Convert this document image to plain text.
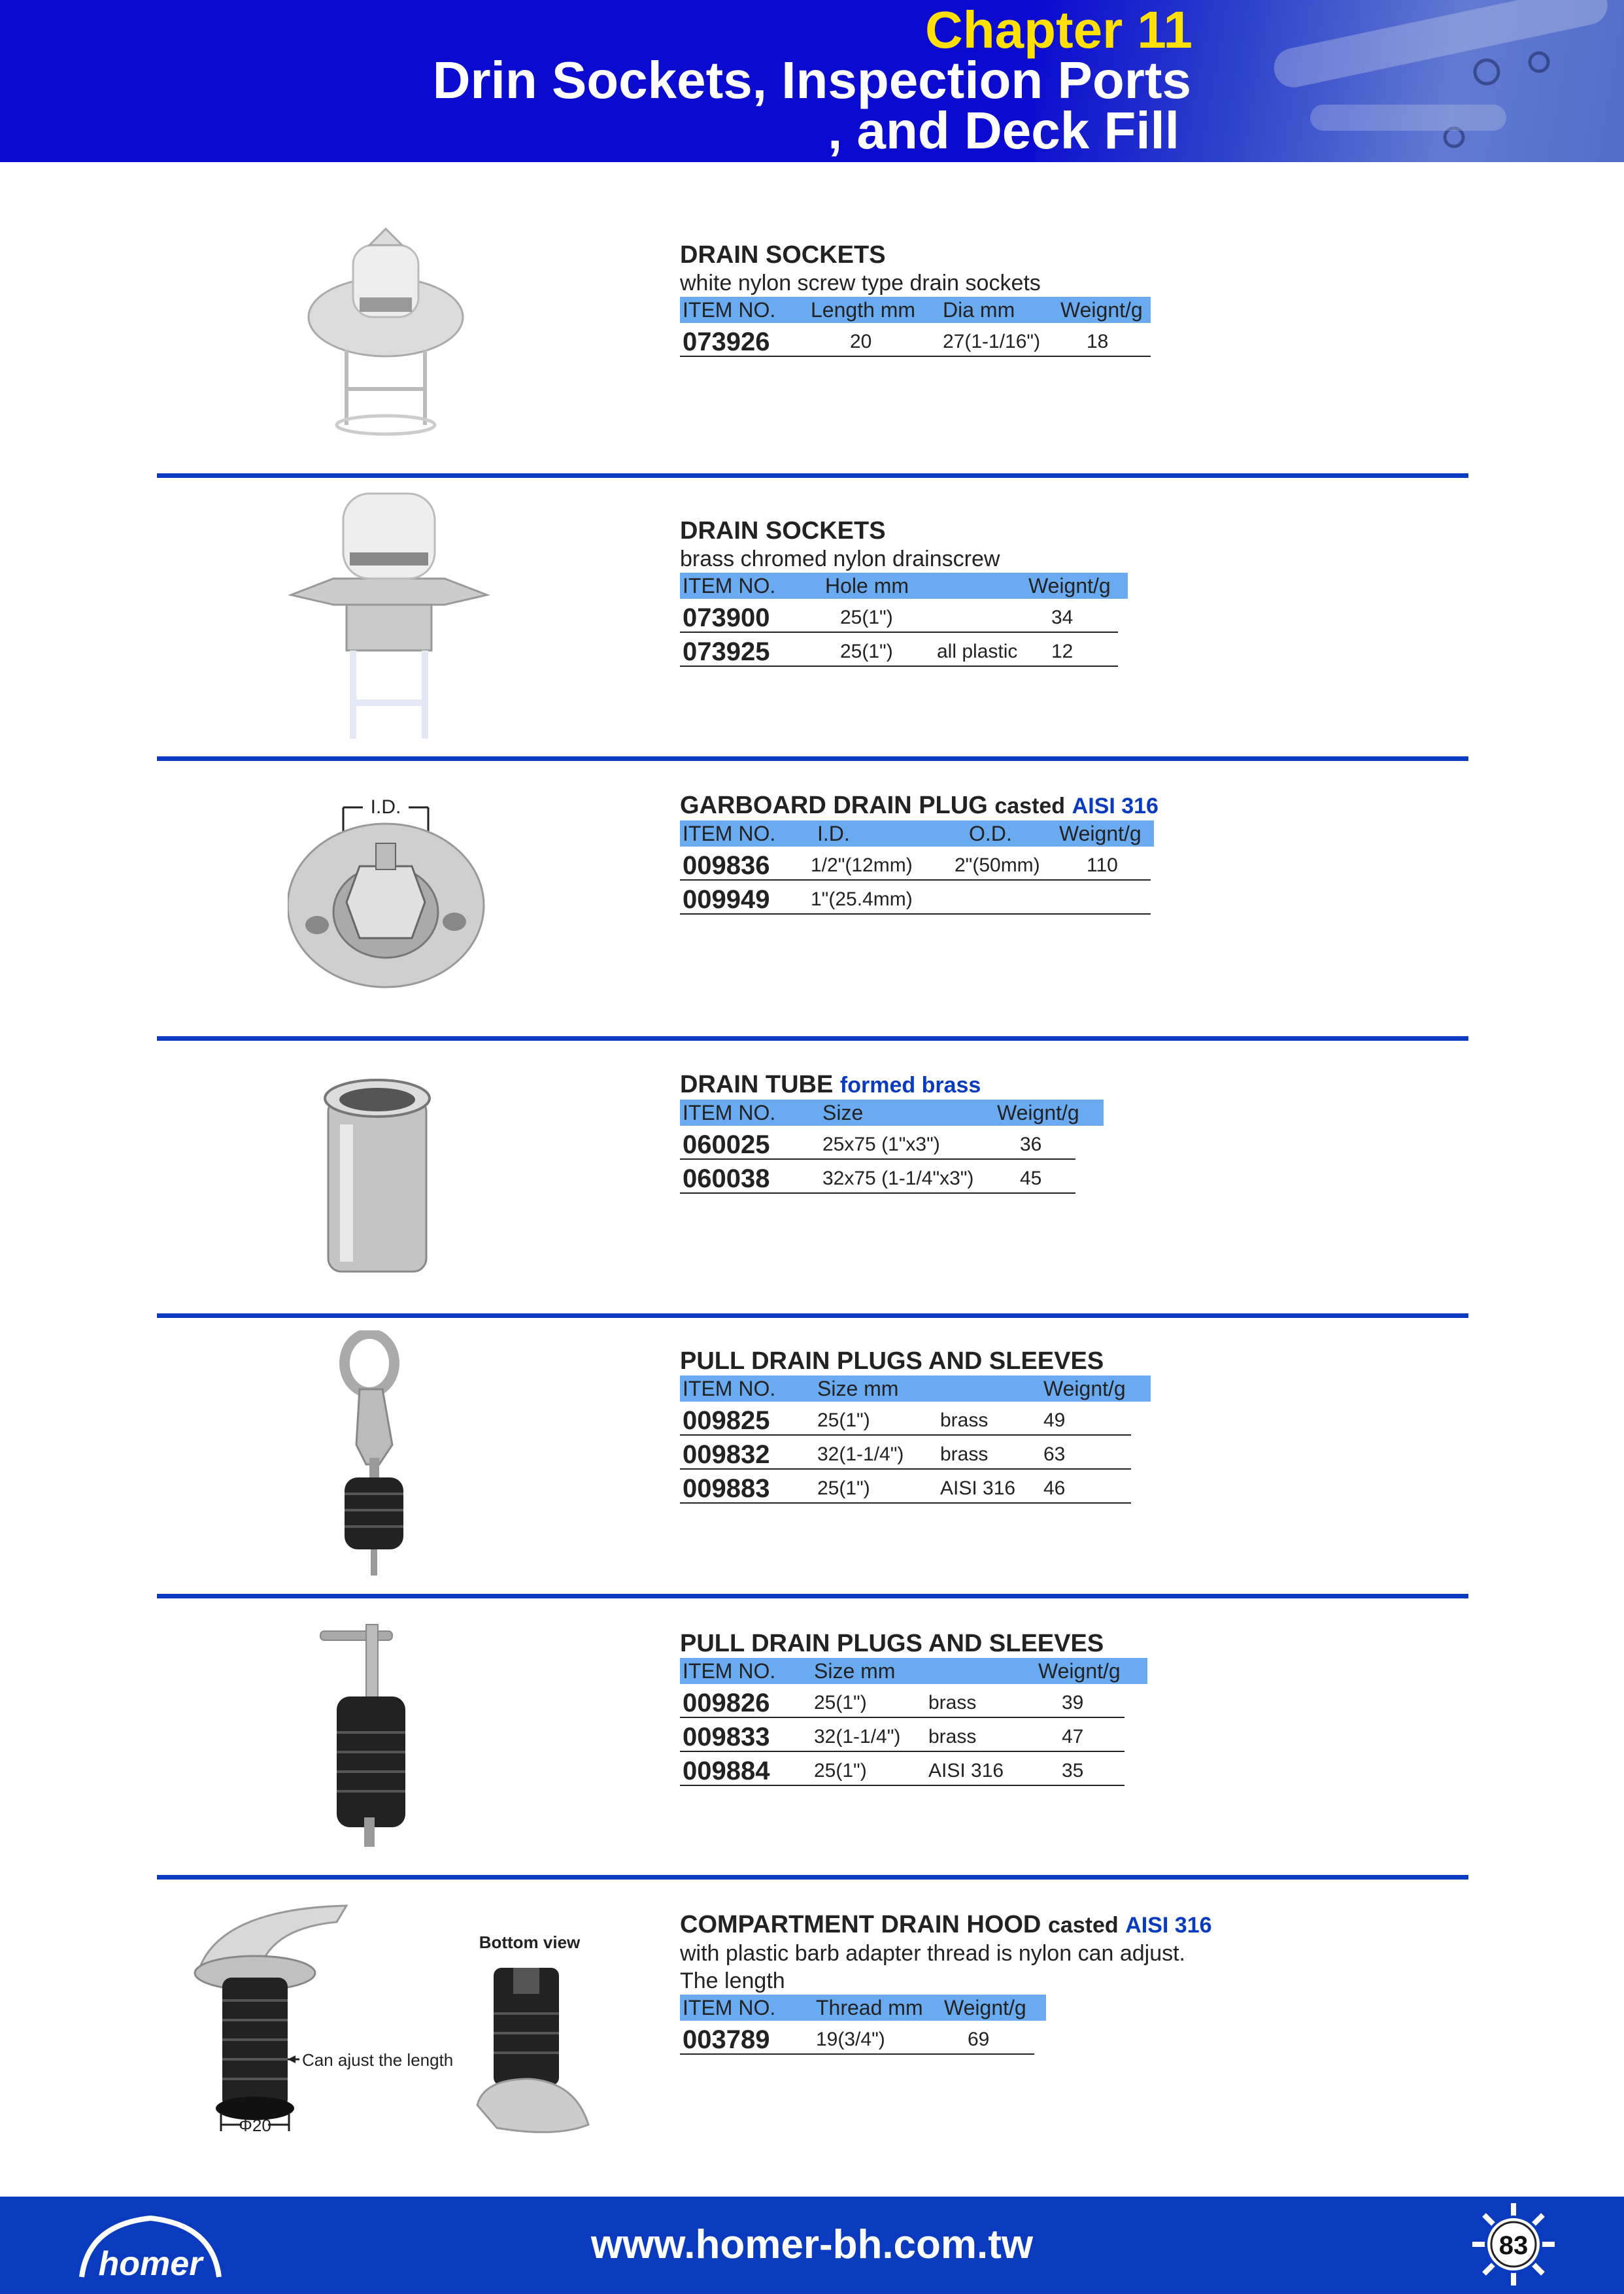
Chapter 11
Drin Sockets, Inspection Ports
, and Deck Fill
DRAIN SOCKETS
white nylon screw type drain sockets
ITEM NO. Length mm Dia mm Weignt/g
073926	20	27(1-1/16") 18
DRAIN SOCKETS
brass chromed nylon drainscrew
ITEM NO. Hole mm	Weignt/g
073900	25(1")	34
073925	25(1") all plastic 12
I.D.	GARBOARD DRAIN PLUG casted AISI 316
ITEM NO. I.D.	O.D. Weignt/g
009836 1/2"(12mm) 2"(50mm) 110
009949 1"(25.4mm)
DRAIN TUBE formed brass
ITEM NO. Size	Weignt/g
060025	25x75 (1"x3")	36
060038	32x75 (1-1/4"x3") 45
PULL DRAIN PLUGS AND SLEEVES
ITEM NO. Size mm	Weignt/g
009825 25(1")	brass	49
009832 32(1-1/4") brass	63
009883 25(1")	AISI 316 46
PULL DRAIN PLUGS AND SLEEVES
ITEM NO. Size mm	Weignt/g
009826 25(1")	brass	39
009833 32(1-1/4") brass	47
009884 25(1")	AISI 316	35
Φ20
Can ajust the length
Bottom view
COMPARTMENT DRAIN HOOD casted AISI 316
with plastic barb adapter thread is nylon can adjust.
The length
ITEM NO. Thread mm Weignt/g
003789 19(3/4")	69
www.homer-bh.com.tw
homer	83
